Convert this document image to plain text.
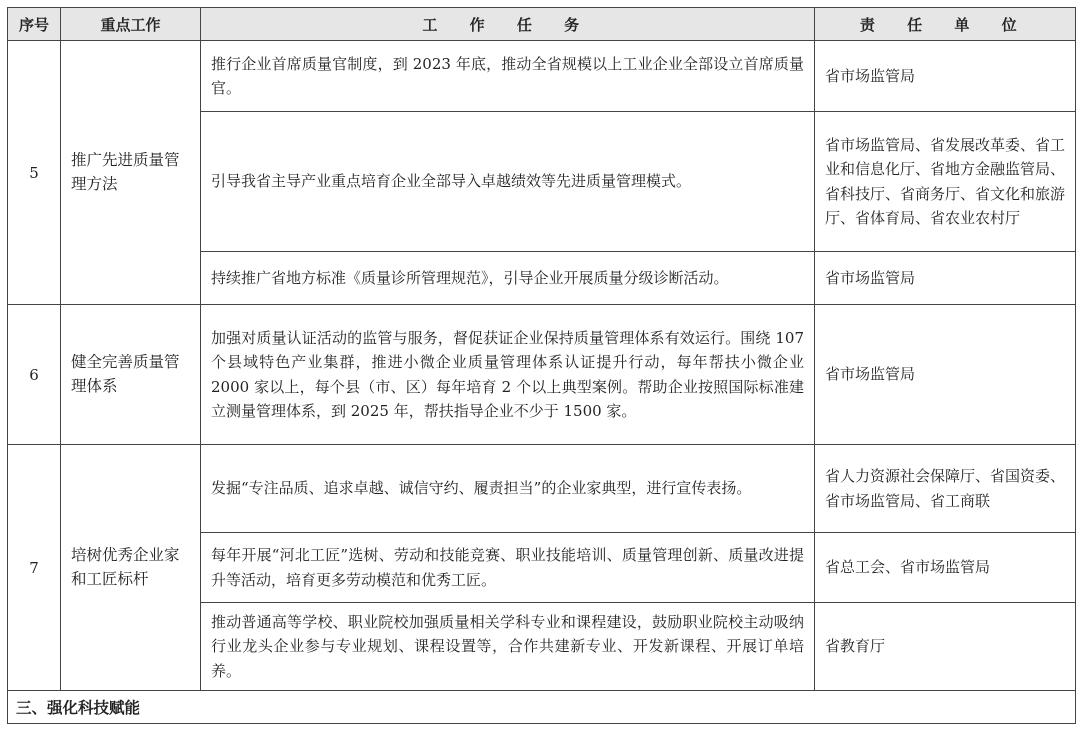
序号	重点工作	工 作 任 务	责 任 单 位
5	推广先进质量管理方法	推行企业首席质量官制度，到 2023 年底，推动全省规模以上工业企业全部设立首席质量官。	省市场监管局
		引导我省主导产业重点培育企业全部导入卓越绩效等先进质量管理模式。	省市场监管局、省发展改革委、省工业和信息化厅、省地方金融监管局、省科技厅、省商务厅、省文化和旅游厅、省体育局、省农业农村厅
		持续推广省地方标准《质量诊所管理规范》，引导企业开展质量分级诊断活动。	省市场监管局
6	健全完善质量管理体系	加强对质量认证活动的监管与服务，督促获证企业保持质量管理体系有效运行。围绕 107 个县域特色产业集群，推进小微企业质量管理体系认证提升行动，每年帮扶小微企业 2000 家以上，每个县（市、区）每年培育 2 个以上典型案例。帮助企业按照国际标准建立测量管理体系，到 2025 年，帮扶指导企业不少于 1500 家。	省市场监管局
7	培树优秀企业家和工匠标杆	发掘“专注品质、追求卓越、诚信守约、履责担当”的企业家典型，进行宣传表扬。	省人力资源社会保障厅、省国资委、省市场监管局、省工商联
		每年开展“河北工匠”选树、劳动和技能竞赛、职业技能培训、质量管理创新、质量改进提升等活动，培育更多劳动模范和优秀工匠。	省总工会、省市场监管局
		推动普通高等学校、职业院校加强质量相关学科专业和课程建设，鼓励职业院校主动吸纳行业龙头企业参与专业规划、课程设置等，合作共建新专业、开发新课程、开展订单培养。	省教育厅
三、强化科技赋能			
